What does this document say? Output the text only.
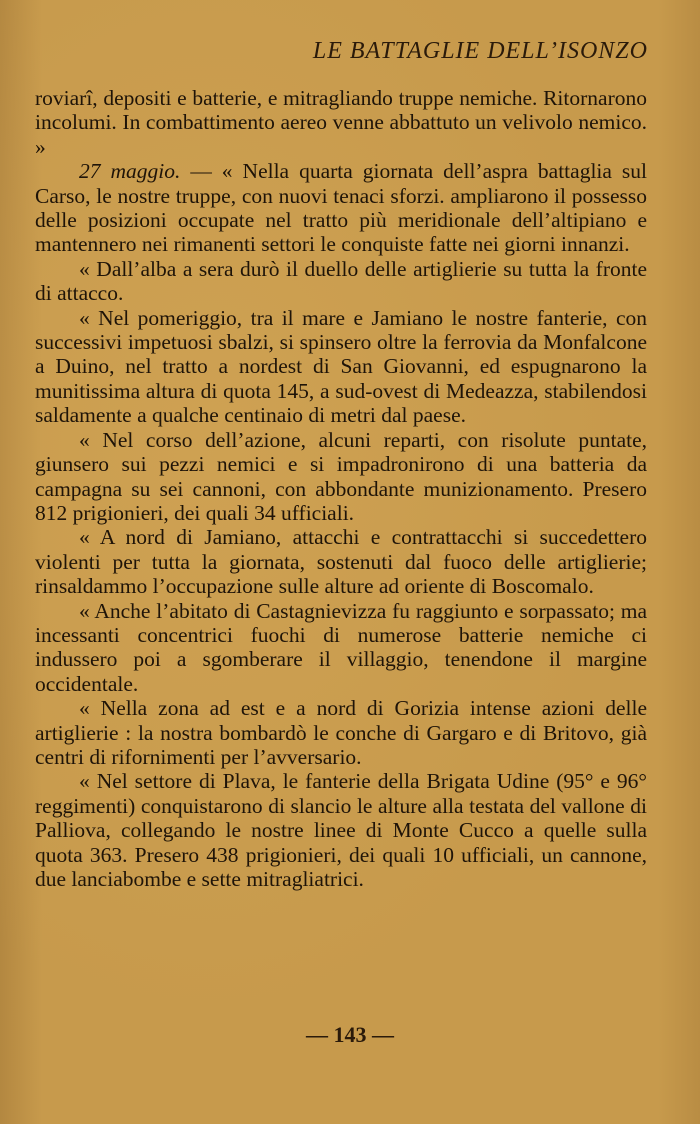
LE BATTAGLIE DELL’ISONZO

roviarî, depositi e batterie, e mitragliando truppe nemiche. Ritornarono incolumi. In combattimento aereo venne abbattuto un velivolo nemico. »

27 maggio. — « Nella quarta giornata dell’aspra battaglia sul Carso, le nostre truppe, con nuovi tenaci sforzi. ampliarono il possesso delle posizioni occupate nel tratto più meridionale dell’altipiano e mantennero nei rimanenti settori le conquiste fatte nei giorni innanzi.

« Dall’alba a sera durò il duello delle artiglierie su tutta la fronte di attacco.

« Nel pomeriggio, tra il mare e Jamiano le nostre fanterie, con successivi impetuosi sbalzi, si spinsero oltre la ferrovia da Monfalcone a Duino, nel tratto a nordest di San Giovanni, ed espugnarono la munitissima altura di quota 145, a sud-ovest di Medeazza, stabilendosi saldamente a qualche centinaio di metri dal paese.

« Nel corso dell’azione, alcuni reparti, con risolute puntate, giunsero sui pezzi nemici e si impadronirono di una batteria da campagna su sei cannoni, con abbondante munizionamento. Presero 812 prigionieri, dei quali 34 ufficiali.

« A nord di Jamiano, attacchi e contrattacchi si succedettero violenti per tutta la giornata, sostenuti dal fuoco delle artiglierie; rinsaldammo l’occupazione sulle alture ad oriente di Boscomalo.

« Anche l’abitato di Castagnievizza fu raggiunto e sorpassato; ma incessanti concentrici fuochi di numerose batterie nemiche ci indussero poi a sgomberare il villaggio, tenendone il margine occidentale.

« Nella zona ad est e a nord di Gorizia intense azioni delle artiglierie : la nostra bombardò le conche di Gargaro e di Britovo, già centri di rifornimenti per l’avversario.

« Nel settore di Plava, le fanterie della Brigata Udine (95° e 96° reggimenti) conquistarono di slancio le alture alla testata del vallone di Palliova, collegando le nostre linee di Monte Cucco a quelle sulla quota 363. Presero 438 prigionieri, dei quali 10 ufficiali, un cannone, due lanciabombe e sette mitragliatrici.

— 143 —
